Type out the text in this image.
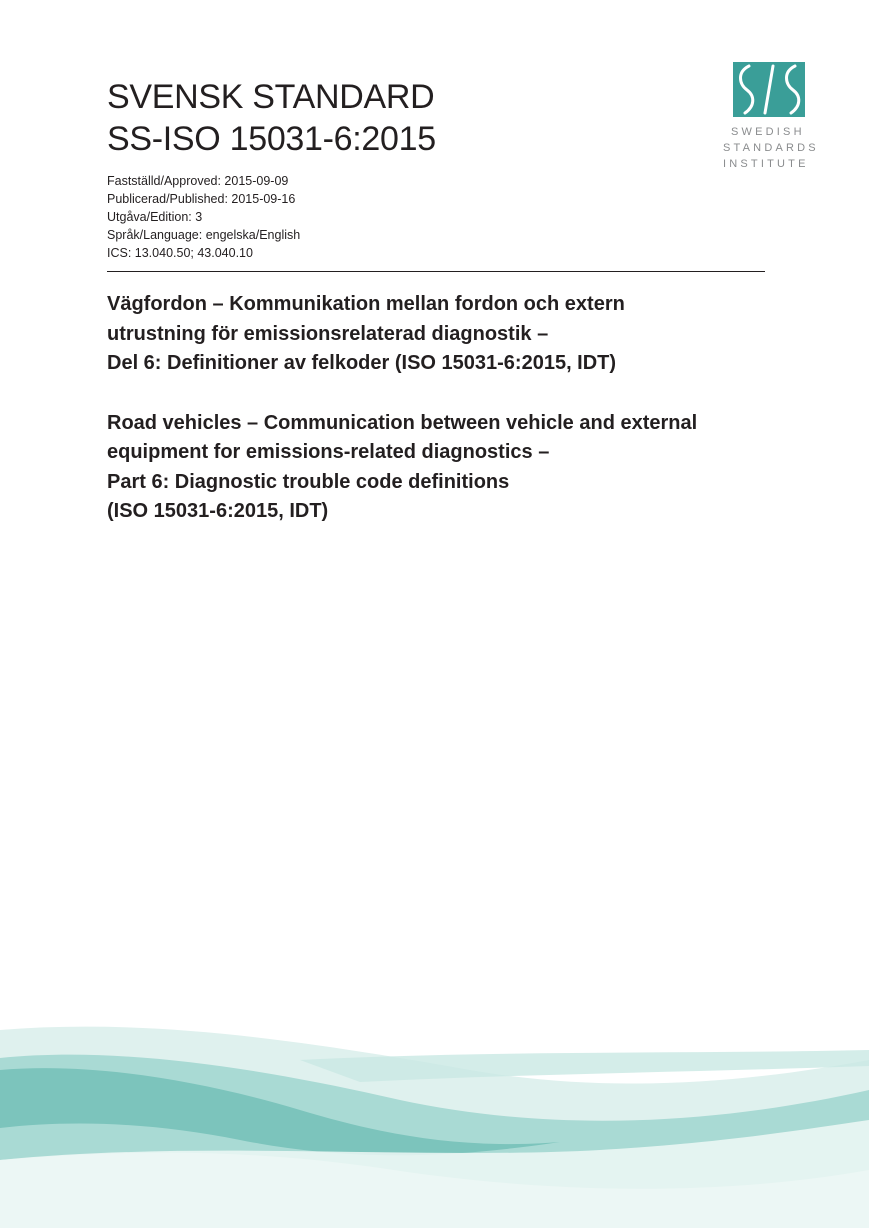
SVENSK STANDARD
SS-ISO 15031-6:2015
Fastställd/Approved: 2015-09-09
Publicerad/Published: 2015-09-16
Utgåva/Edition: 3
Språk/Language: engelska/English
ICS: 13.040.50; 43.040.10
Vägfordon – Kommunikation mellan fordon och extern
utrustning för emissionsrelaterad diagnostik –
Del 6: Definitioner av felkoder (ISO 15031-6:2015, IDT)
Road vehicles – Communication between vehicle and external
equipment for emissions-related diagnostics –
Part 6: Diagnostic trouble code definitions
(ISO 15031-6:2015, IDT)
SWEDISH
STANDARDS
INSTITUTE
